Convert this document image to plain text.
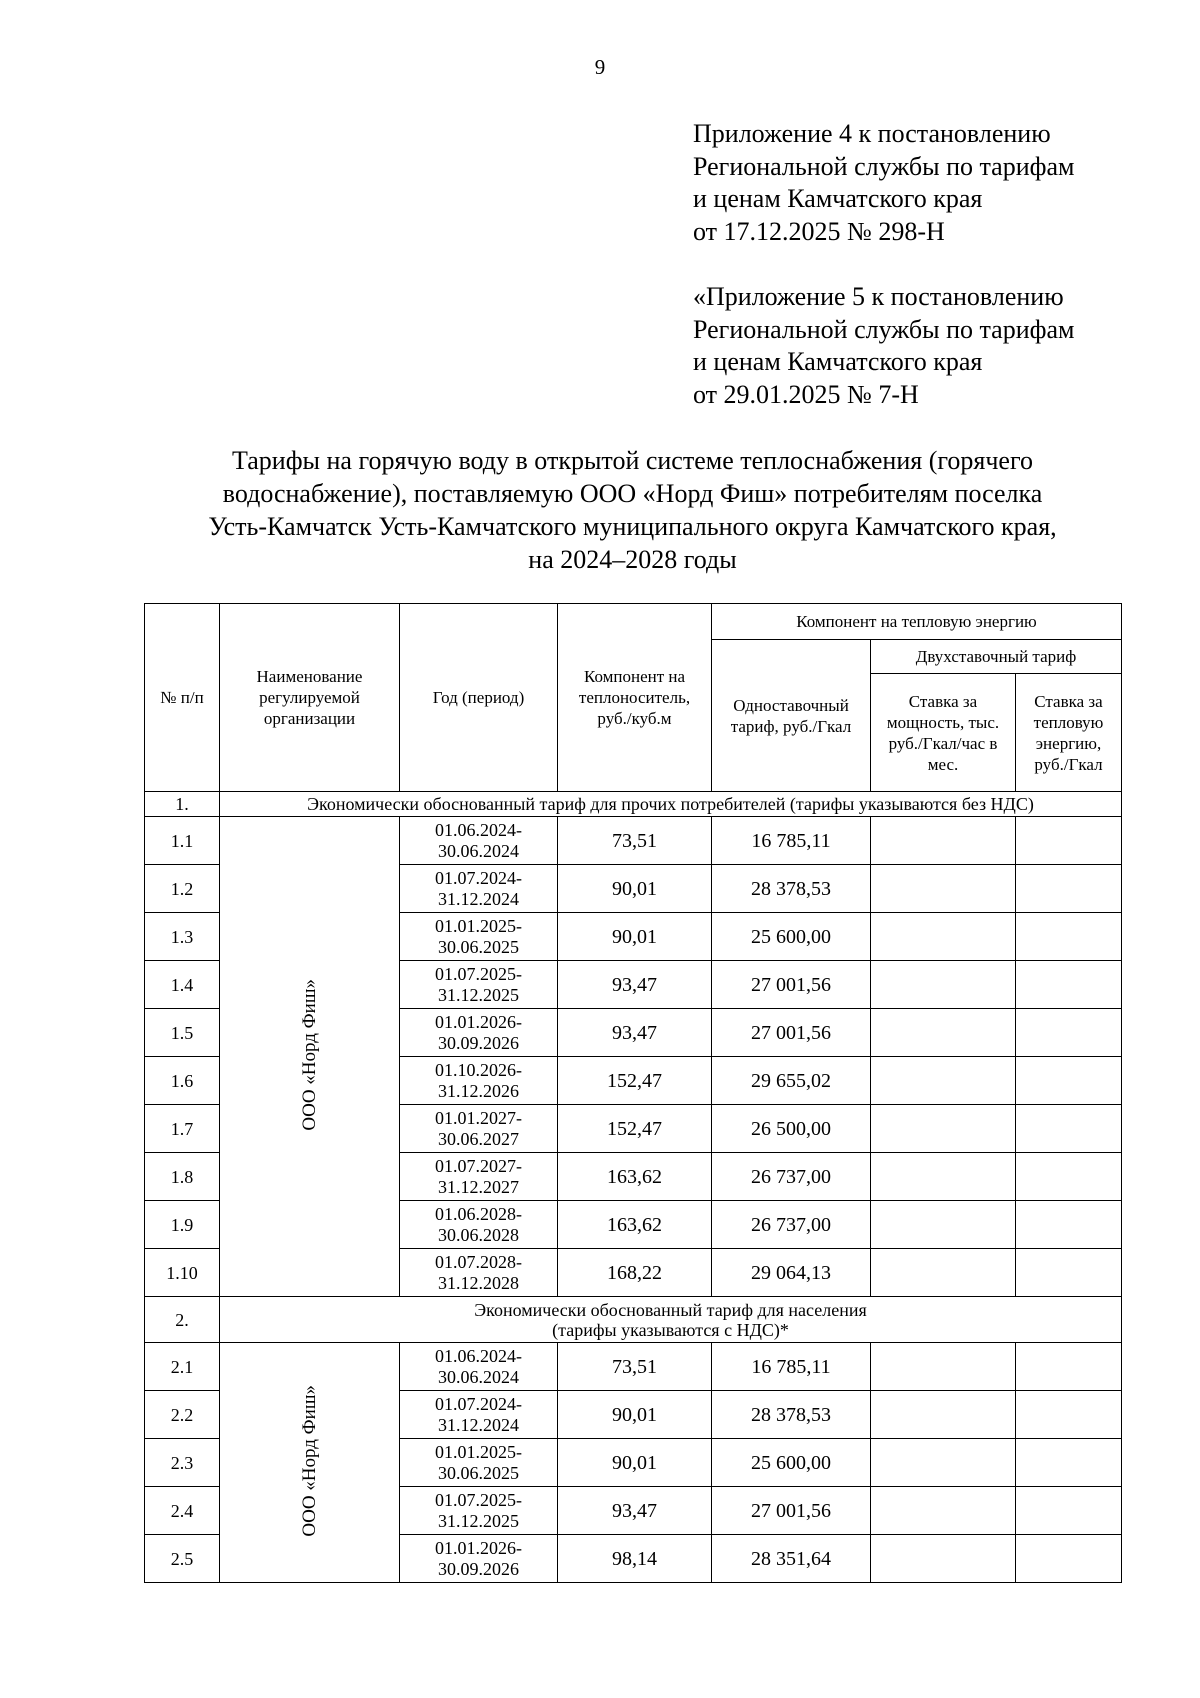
9
Приложение 4 к постановлению
Региональной службы по тарифам
и ценам Камчатского края
от 17.12.2025 № 298-Н
«Приложение 5 к постановлению
Региональной службы по тарифам
и ценам Камчатского края
от 29.01.2025 № 7-Н
Тарифы на горячую воду в открытой системе теплоснабжения (горячего
водоснабжение), поставляемую ООО «Норд Фиш» потребителям поселка
Усть-Камчатск Усть-Камчатского муниципального округа Камчатского края,
на 2024–2028 годы
№ п/п	Наименование регулируемой организации	Год (период)	Компонент на теплоноситель, руб./куб.м	Компонент на тепловую энергию		
				Одноставочный тариф, руб./Гкал	Двухставочный тариф	
					Ставка за мощность, тыс. руб./Гкал/час в мес.	Ставка за тепловую энергию, руб./Гкал
1.	Экономически обоснованный тариф для прочих потребителей (тарифы указываются без НДС)					
1.1	ООО «Норд Фиш»	01.06.2024-
30.06.2024	73,51	16 785,11		
1.2		01.07.2024-
31.12.2024	90,01	28 378,53		
1.3		01.01.2025-
30.06.2025	90,01	25 600,00		
1.4		01.07.2025-
31.12.2025	93,47	27 001,56		
1.5		01.01.2026-
30.09.2026	93,47	27 001,56		
1.6		01.10.2026-
31.12.2026	152,47	29 655,02		
1.7		01.01.2027-
30.06.2027	152,47	26 500,00		
1.8		01.07.2027-
31.12.2027	163,62	26 737,00		
1.9		01.06.2028-
30.06.2028	163,62	26 737,00		
1.10		01.07.2028-
31.12.2028	168,22	29 064,13		
2.	Экономически обоснованный тариф для населения
(тарифы указываются с НДС)*					

2.1	ООО «Норд Фиш»	01.06.2024-
30.06.2024	73,51	16 785,11		
2.2		01.07.2024-
31.12.2024	90,01	28 378,53		
2.3		01.01.2025-
30.06.2025	90,01	25 600,00		
2.4		01.07.2025-
31.12.2025	93,47	27 001,56		
2.5		01.01.2026-
30.09.2026	98,14	28 351,64		
